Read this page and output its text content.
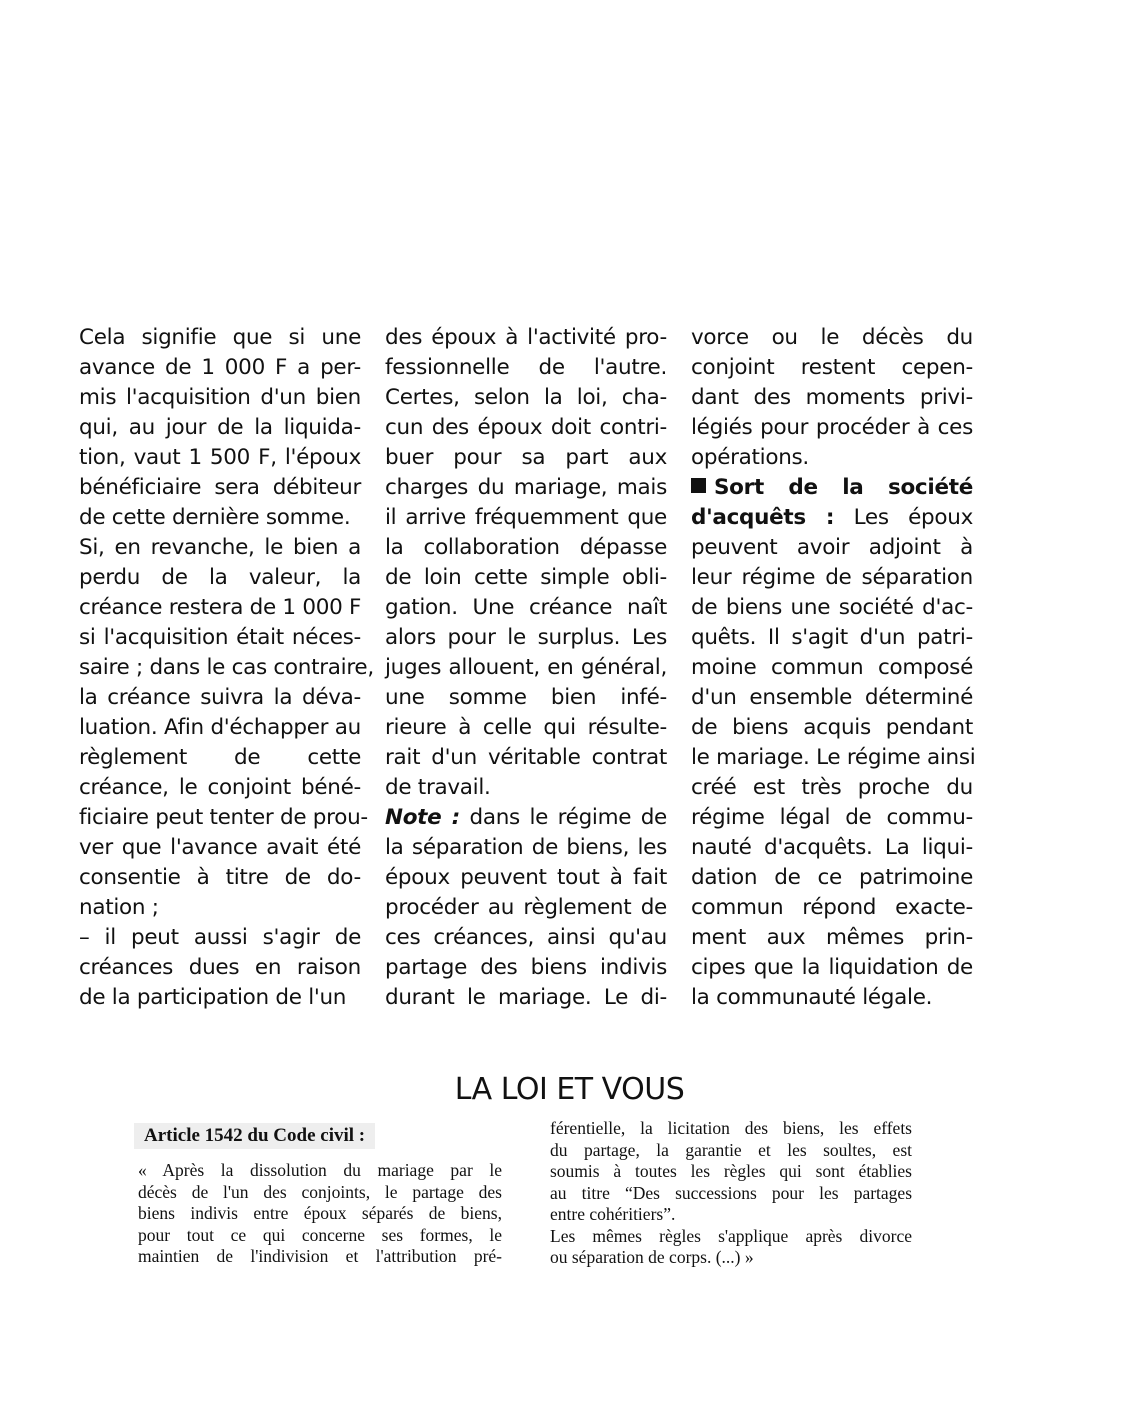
Cela signifie que si une
avance de 1 000 F a per-
mis l'acquisition d'un bien
qui, au jour de la liquida-
tion, vaut 1 500 F, l'époux
bénéficiaire sera débiteur
de cette dernière somme.
Si, en revanche, le bien a
perdu de la valeur, la
créance restera de 1 000 F
si l'acquisition était néces-
saire ; dans le cas contraire,
la créance suivra la déva-
luation. Afin d'échapper au
règlement de cette
créance, le conjoint béné-
ficiaire peut tenter de prou-
ver que l'avance avait été
consentie à titre de do-
nation ;
– il peut aussi s'agir de
créances dues en raison
de la participation de l'un
des époux à l'activité pro-
fessionnelle de l'autre.
Certes, selon la loi, cha-
cun des époux doit contri-
buer pour sa part aux
charges du mariage, mais
il arrive fréquemment que
la collaboration dépasse
de loin cette simple obli-
gation. Une créance naît
alors pour le surplus. Les
juges allouent, en général,
une somme bien infé-
rieure à celle qui résulte-
rait d'un véritable contrat
de travail.
Note : dans le régime de
la séparation de biens, les
époux peuvent tout à fait
procéder au règlement de
ces créances, ainsi qu'au
partage des biens indivis
durant le mariage. Le di-
vorce ou le décès du
conjoint restent cepen-
dant des moments privi-
légiés pour procéder à ces
opérations.
Sort de la société
d'acquêts : Les époux
peuvent avoir adjoint à
leur régime de séparation
de biens une société d'ac-
quêts. Il s'agit d'un patri-
moine commun composé
d'un ensemble déterminé
de biens acquis pendant
le mariage. Le régime ainsi
créé est très proche du
régime légal de commu-
nauté d'acquêts. La liqui-
dation de ce patrimoine
commun répond exacte-
ment aux mêmes prin-
cipes que la liquidation de
la communauté légale.
LA LOI ET VOUS
Article 1542 du Code civil :
« Après la dissolution du mariage par le
décès de l'un des conjoints, le partage des
biens indivis entre époux séparés de biens,
pour tout ce qui concerne ses formes, le
maintien de l'indivision et l'attribution pré-
férentielle, la licitation des biens, les effets
du partage, la garantie et les soultes, est
soumis à toutes les règles qui sont établies
au titre “Des successions pour les partages
entre cohéritiers”.
Les mêmes règles s'applique après divorce
ou séparation de corps. (...) »
